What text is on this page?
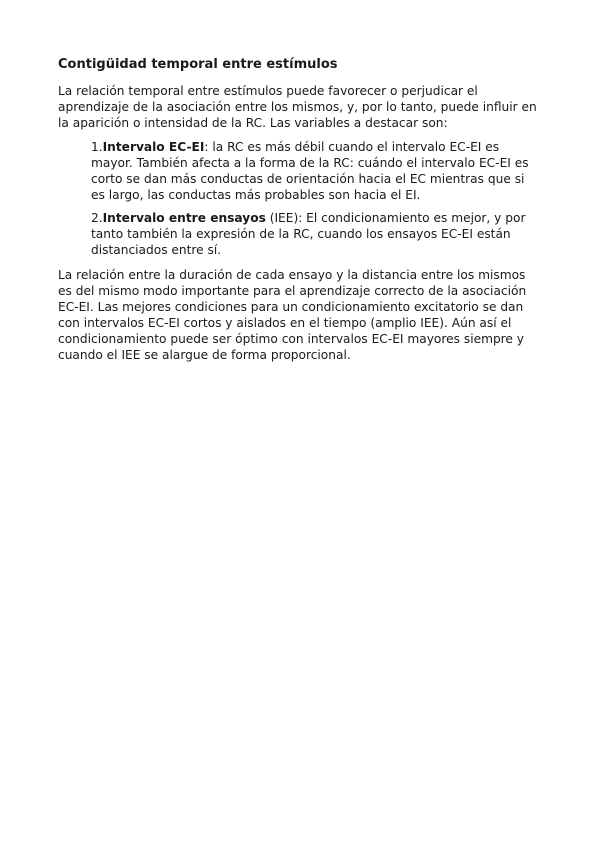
Contigüidad temporal entre estímulos

La relación temporal entre estímulos puede favorecer o perjudicar el aprendizaje de la asociación entre los mismos, y, por lo tanto, puede influir en la aparición o intensidad de la RC. Las variables a destacar son:

1.Intervalo EC-EI: la RC es más débil cuando el intervalo EC-EI es mayor. También afecta a la forma de la RC: cuándo el intervalo EC-EI es corto se dan más conductas de orientación hacia el EC mientras que si es largo, las conductas más probables son hacia el EI.
2.Intervalo entre ensayos (IEE): El condicionamiento es mejor, y por tanto también la expresión de la RC, cuando los ensayos EC-EI están distanciados entre sí.

La relación entre la duración de cada ensayo y la distancia entre los mismos es del mismo modo importante para el aprendizaje correcto de la asociación EC-EI. Las mejores condiciones para un condicionamiento excitatorio se dan con intervalos EC-EI cortos y aislados en el tiempo (amplio IEE). Aún así el condicionamiento puede ser óptimo con intervalos EC-EI mayores siempre y cuando el IEE se alargue de forma proporcional.
